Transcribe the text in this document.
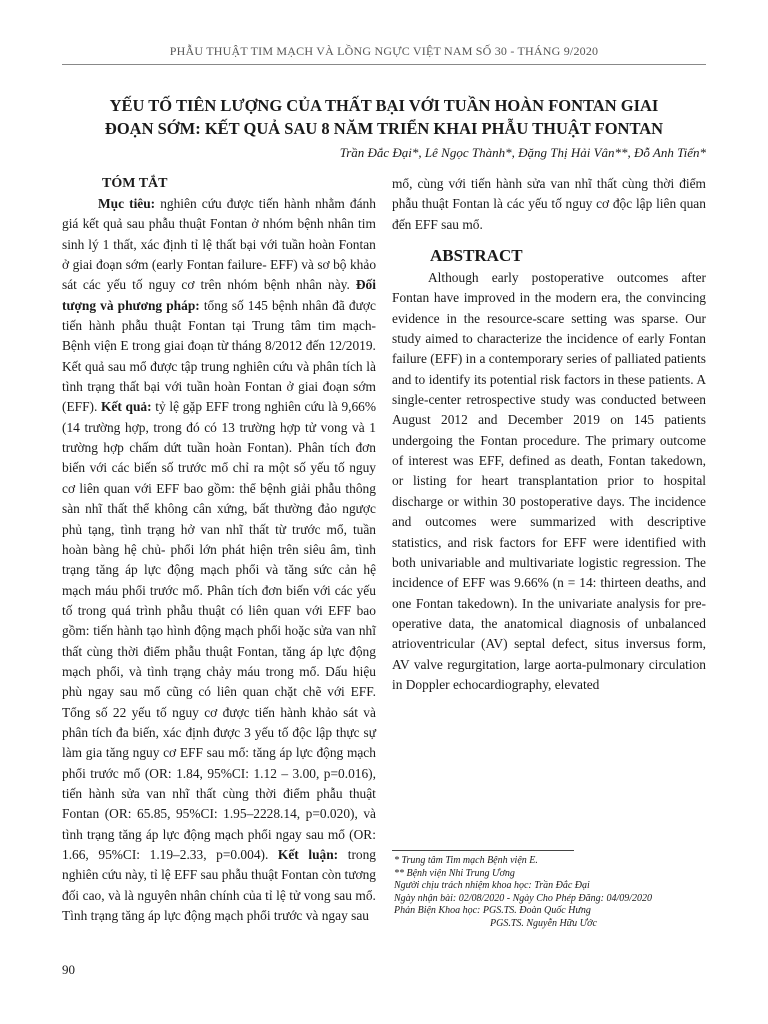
PHẪU THUẬT TIM MẠCH VÀ LỒNG NGỰC VIỆT NAM SỐ 30 - THÁNG 9/2020
YẾU TỐ TIÊN LƯỢNG CỦA THẤT BẠI VỚI TUẦN HOÀN FONTAN GIAI
ĐOẠN SỚM: KẾT QUẢ SAU 8 NĂM TRIỂN KHAI PHẪU THUẬT FONTAN
Trần Đắc Đại*, Lê Ngọc Thành*, Đặng Thị Hải Vân**, Đỗ Anh Tiến*
TÓM TẮT

Mục tiêu: nghiên cứu được tiến hành nhằm đánh giá kết quả sau phẫu thuật Fontan ở nhóm bệnh nhân tim sinh lý 1 thất, xác định tỉ lệ thất bại với tuần hoàn Fontan ở giai đoạn sớm (early Fontan failure- EFF) và sơ bộ khảo sát các yếu tố nguy cơ trên nhóm bệnh nhân này. Đối tượng và phương pháp: tổng số 145 bệnh nhân đã được tiến hành phẫu thuật Fontan tại Trung tâm tim mạch- Bệnh viện E trong giai đoạn từ tháng 8/2012 đến 12/2019. Kết quả sau mổ được tập trung nghiên cứu và phân tích là tình trạng thất bại với tuần hoàn Fontan ở giai đoạn sớm (EFF). Kết quả: tỷ lệ gặp EFF trong nghiên cứu là 9,66% (14 trường hợp, trong đó có 13 trường hợp tử vong và 1 trường hợp chấm dứt tuần hoàn Fontan). Phân tích đơn biến với các biến số trước mổ chỉ ra một số yếu tố nguy cơ liên quan với EFF bao gồm: thể bệnh giải phẫu thông sàn nhĩ thất thể không cân xứng, bất thường đảo ngược phủ tạng, tình trạng hở van nhĩ thất từ trước mổ, tuần hoàn bàng hệ chủ- phổi lớn phát hiện trên siêu âm, tình trạng tăng áp lực động mạch phổi và tăng sức cản hệ mạch máu phổi trước mổ. Phân tích đơn biến với các yếu tố trong quá trình phẫu thuật có liên quan với EFF bao gồm: tiến hành tạo hình động mạch phổi hoặc sửa van nhĩ thất cùng thời điểm phẫu thuật Fontan, tăng áp lực động mạch phổi, và tình trạng chảy máu trong mổ. Dấu hiệu phù ngay sau mổ cũng có liên quan chặt chẽ với EFF. Tổng số 22 yếu tố nguy cơ được tiến hành khảo sát và phân tích đa biến, xác định được 3 yếu tố độc lập thực sự làm gia tăng nguy cơ EFF sau mổ: tăng áp lực động mạch phổi trước mổ (OR: 1.84, 95%CI: 1.12 – 3.00, p=0.016), tiến hành sửa van nhĩ thất cùng thời điểm phẫu thuật Fontan (OR: 65.85, 95%CI: 1.95–2228.14, p=0.020), và tình trạng tăng áp lực động mạch phổi ngay sau mổ (OR: 1.66, 95%CI: 1.19–2.33, p=0.004). Kết luận: trong nghiên cứu này, tỉ lệ EFF sau phẫu thuật Fontan còn tương đối cao, và là nguyên nhân chính của tỉ lệ tử vong sau mổ. Tình trạng tăng áp lực động mạch phổi trước và ngay sau

mổ, cùng với tiến hành sửa van nhĩ thất cùng thời điểm phẫu thuật Fontan là các yếu tố nguy cơ độc lập liên quan đến EFF sau mổ.

ABSTRACT

Although early postoperative outcomes after Fontan have improved in the modern era, the convincing evidence in the resource-scare setting was sparse. Our study aimed to characterize the incidence of early Fontan failure (EFF) in a contemporary series of palliated patients and to identify its potential risk factors in these patients. A single-center retrospective study was conducted between August 2012 and December 2019 on 145 patients undergoing the Fontan procedure. The primary outcome of interest was EFF, defined as death, Fontan takedown, or listing for heart transplantation prior to hospital discharge or within 30 postoperative days. The incidence and outcomes were summarized with descriptive statistics, and risk factors for EFF were identified with both univariable and multivariate logistic regression. The incidence of EFF was 9.66% (n = 14: thirteen deaths, and one Fontan takedown). In the univariate analysis for pre-operative data, the anatomical diagnosis of unbalanced atrioventricular (AV) septal defect, situs inversus form, AV valve regurgitation, large aorta-pulmonary circulation in Doppler echocardiography, elevated

* Trung tâm Tim mạch Bệnh viện E.
** Bệnh viện Nhi Trung Ương
Người chịu trách nhiệm khoa học: Trần Đắc Đại
Ngày nhận bài: 02/08/2020 - Ngày Cho Phép Đăng: 04/09/2020
Phản Biện Khoa học: PGS.TS. Đoàn Quốc Hưng
PGS.TS. Nguyễn Hữu Ước
90
